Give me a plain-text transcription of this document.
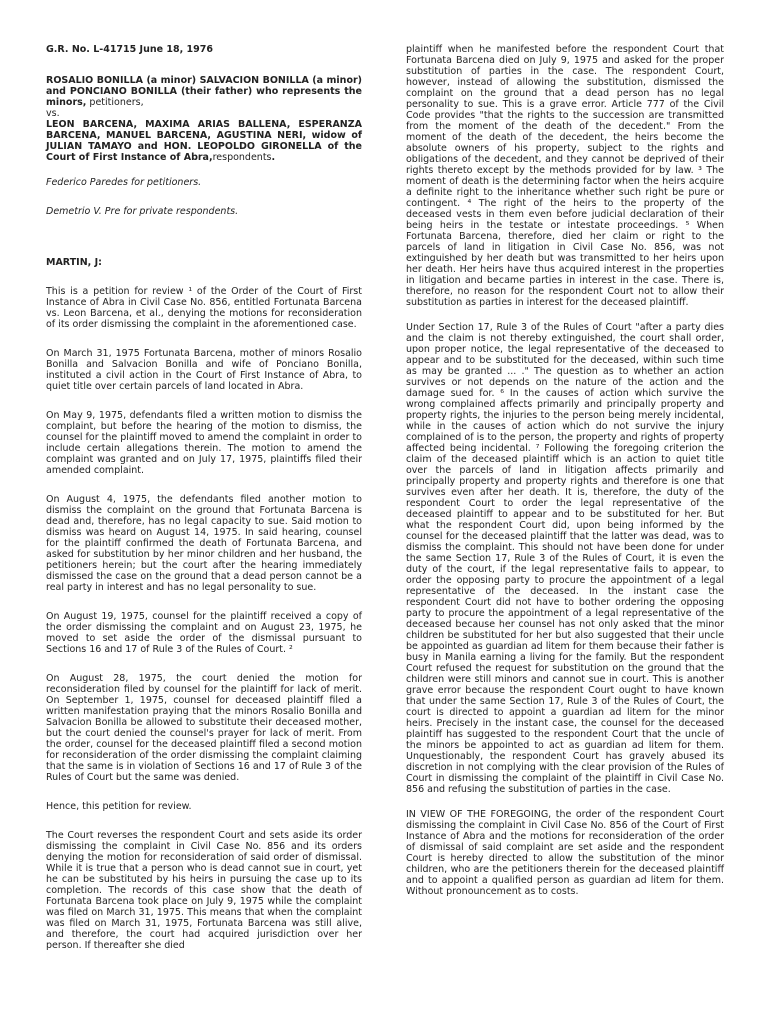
G.R. No. L-41715 June 18, 1976

ROSALIO BONILLA (a minor) SALVACION BONILLA (a minor) and PONCIANO BONILLA (their father) who represents the minors, petitioners,
vs.
LEON BARCENA, MAXIMA ARIAS BALLENA, ESPERANZA BARCENA, MANUEL BARCENA, AGUSTINA NERI, widow of JULIAN TAMAYO and HON. LEOPOLDO GIRONELLA of the Court of First Instance of Abra,respondents.

Federico Paredes for petitioners.

Demetrio V. Pre for private respondents.

MARTIN, J:

This is a petition for review ¹ of the Order of the Court of First Instance of Abra in Civil Case No. 856, entitled Fortunata Barcena vs. Leon Barcena, et al., denying the motions for reconsideration of its order dismissing the complaint in the aforementioned case.

On March 31, 1975 Fortunata Barcena, mother of minors Rosalio Bonilla and Salvacion Bonilla and wife of Ponciano Bonilla, instituted a civil action in the Court of First Instance of Abra, to quiet title over certain parcels of land located in Abra.

On May 9, 1975, defendants filed a written motion to dismiss the complaint, but before the hearing of the motion to dismiss, the counsel for the plaintiff moved to amend the complaint in order to include certain allegations therein. The motion to amend the complaint was granted and on July 17, 1975, plaintiffs filed their amended complaint.

On August 4, 1975, the defendants filed another motion to dismiss the complaint on the ground that Fortunata Barcena is dead and, therefore, has no legal capacity to sue. Said motion to dismiss was heard on August 14, 1975. In said hearing, counsel for the plaintiff confirmed the death of Fortunata Barcena, and asked for substitution by her minor children and her husband, the petitioners herein; but the court after the hearing immediately dismissed the case on the ground that a dead person cannot be a real party in interest and has no legal personality to sue.

On August 19, 1975, counsel for the plaintiff received a copy of the order dismissing the complaint and on August 23, 1975, he moved to set aside the order of the dismissal pursuant to Sections 16 and 17 of Rule 3 of the Rules of Court. ²

On August 28, 1975, the court denied the motion for reconsideration filed by counsel for the plaintiff for lack of merit. On September 1, 1975, counsel for deceased plaintiff filed a written manifestation praying that the minors Rosalio Bonilla and Salvacion Bonilla be allowed to substitute their deceased mother, but the court denied the counsel's prayer for lack of merit. From the order, counsel for the deceased plaintiff filed a second motion for reconsideration of the order dismissing the complaint claiming that the same is in violation of Sections 16 and 17 of Rule 3 of the Rules of Court but the same was denied.

Hence, this petition for review.

The Court reverses the respondent Court and sets aside its order dismissing the complaint in Civil Case No. 856 and its orders denying the motion for reconsideration of said order of dismissal. While it is true that a person who is dead cannot sue in court, yet he can be substituted by his heirs in pursuing the case up to its completion. The records of this case show that the death of Fortunata Barcena took place on July 9, 1975 while the complaint was filed on March 31, 1975. This means that when the complaint was filed on March 31, 1975, Fortunata Barcena was still alive, and therefore, the court had acquired jurisdiction over her person. If thereafter she died

plaintiff when he manifested before the respondent Court that Fortunata Barcena died on July 9, 1975 and asked for the proper substitution of parties in the case. The respondent Court, however, instead of allowing the substitution, dismissed the complaint on the ground that a dead person has no legal personality to sue. This is a grave error. Article 777 of the Civil Code provides "that the rights to the succession are transmitted from the moment of the death of the decedent." From the moment of the death of the decedent, the heirs become the absolute owners of his property, subject to the rights and obligations of the decedent, and they cannot be deprived of their rights thereto except by the methods provided for by law. ³ The moment of death is the determining factor when the heirs acquire a definite right to the inheritance whether such right be pure or contingent. ⁴ The right of the heirs to the property of the deceased vests in them even before judicial declaration of their being heirs in the testate or intestate proceedings. ⁵ When Fortunata Barcena, therefore, died her claim or right to the parcels of land in litigation in Civil Case No. 856, was not extinguished by her death but was transmitted to her heirs upon her death. Her heirs have thus acquired interest in the properties in litigation and became parties in interest in the case. There is, therefore, no reason for the respondent Court not to allow their substitution as parties in interest for the deceased plaintiff.

Under Section 17, Rule 3 of the Rules of Court "after a party dies and the claim is not thereby extinguished, the court shall order, upon proper notice, the legal representative of the deceased to appear and to be substituted for the deceased, within such time as may be granted ... ." The question as to whether an action survives or not depends on the nature of the action and the damage sued for. ⁶ In the causes of action which survive the wrong complained affects primarily and principally property and property rights, the injuries to the person being merely incidental, while in the causes of action which do not survive the injury complained of is to the person, the property and rights of property affected being incidental. ⁷ Following the foregoing criterion the claim of the deceased plaintiff which is an action to quiet title over the parcels of land in litigation affects primarily and principally property and property rights and therefore is one that survives even after her death. It is, therefore, the duty of the respondent Court to order the legal representative of the deceased plaintiff to appear and to be substituted for her. But what the respondent Court did, upon being informed by the counsel for the deceased plaintiff that the latter was dead, was to dismiss the complaint. This should not have been done for under the same Section 17, Rule 3 of the Rules of Court, it is even the duty of the court, if the legal representative fails to appear, to order the opposing party to procure the appointment of a legal representative of the deceased. In the instant case the respondent Court did not have to bother ordering the opposing party to procure the appointment of a legal representative of the deceased because her counsel has not only asked that the minor children be substituted for her but also suggested that their uncle be appointed as guardian ad litem for them because their father is busy in Manila earning a living for the family. But the respondent Court refused the request for substitution on the ground that the children were still minors and cannot sue in court. This is another grave error because the respondent Court ought to have known that under the same Section 17, Rule 3 of the Rules of Court, the court is directed to appoint a guardian ad litem for the minor heirs. Precisely in the instant case, the counsel for the deceased plaintiff has suggested to the respondent Court that the uncle of the minors be appointed to act as guardian ad litem for them. Unquestionably, the respondent Court has gravely abused its discretion in not complying with the clear provision of the Rules of Court in dismissing the complaint of the plaintiff in Civil Case No. 856 and refusing the substitution of parties in the case.

IN VIEW OF THE FOREGOING, the order of the respondent Court dismissing the complaint in Civil Case No. 856 of the Court of First Instance of Abra and the motions for reconsideration of the order of dismissal of said complaint are set aside and the respondent Court is hereby directed to allow the substitution of the minor children, who are the petitioners therein for the deceased plaintiff and to appoint a qualified person as guardian ad litem for them. Without pronouncement as to costs.
